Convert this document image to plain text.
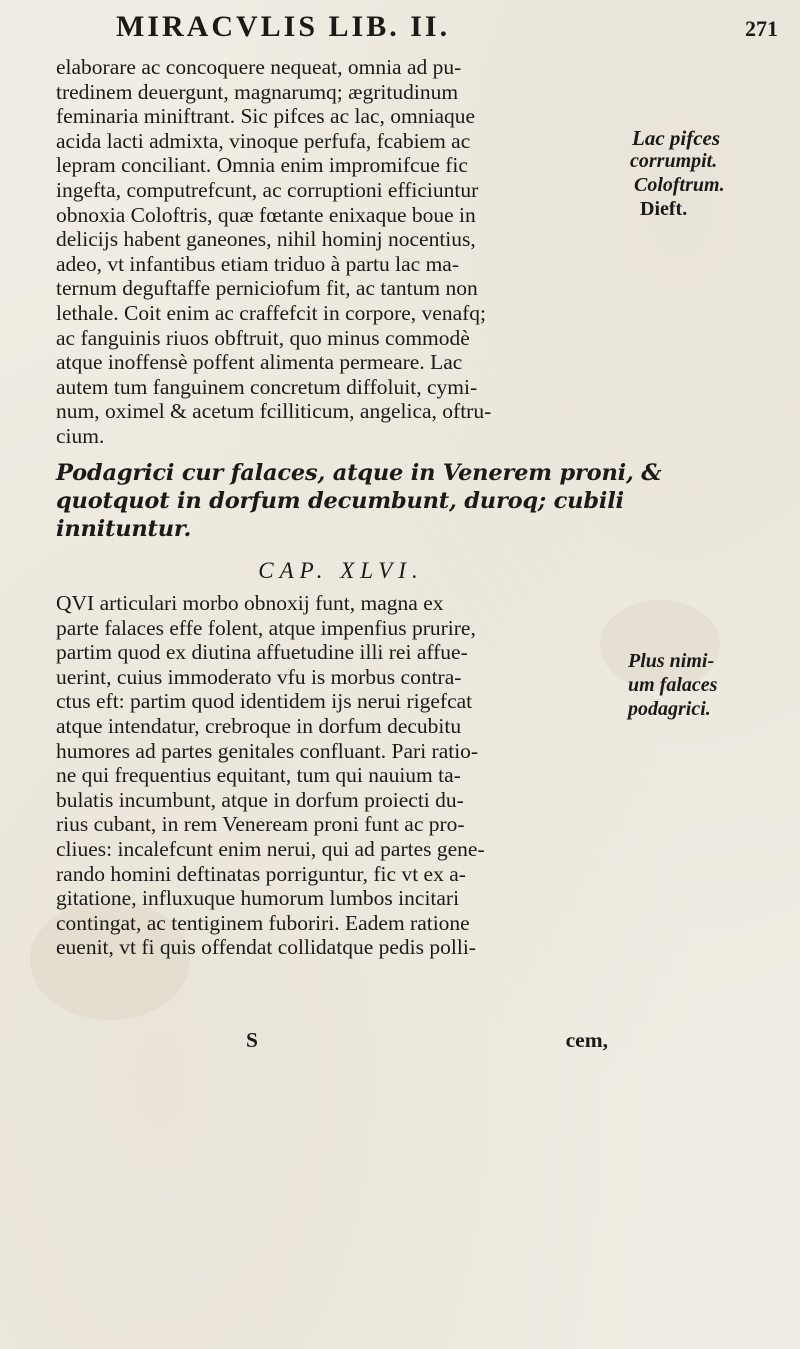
MIRACVLIS LIB. II.	271
elaborare ac concoquere nequeat, omnia ad pu-
tredinem deuergunt, magnarumq; ægritudinum
feminaria miniftrant. Sic pifces ac lac, omniaque
acida lacti admixta, vinoque perfufa, fcabiem ac
lepram conciliant. Omnia enim impromifcue fic
ingefta, computrefcunt, ac corruptioni efficiuntur
obnoxia Coloftris, quæ fœtante enixaque boue in
delicijs habent ganeones, nihil hominj nocentius,
adeo, vt infantibus etiam triduo à partu lac ma-
ternum deguftaffe perniciofum fit, ac tantum non
lethale. Coit enim ac craffefcit in corpore, venafq;
ac fanguinis riuos obftruit, quo minus commodè
atque inoffensè poffent alimenta permeare. Lac
autem tum fanguinem concretum diffoluit, cymi-
num, oximel & acetum fcilliticum, angelica, oftru-
cium.
Podagrici cur falaces, atque in Venerem proni, &
quotquot in dorfum decumbunt, duroq; cubili
innituntur.
CAP. XLVI.
QVI articulari morbo obnoxij funt, magna ex
parte falaces effe folent, atque impenfius prurire,
partim quod ex diutina affuetudine illi rei affue-
uerint, cuius immoderato vfu is morbus contra-
ctus eft: partim quod identidem ijs nerui rigefcat
atque intendatur, crebroque in dorfum decubitu
humores ad partes genitales confluant. Pari ratio-
ne qui frequentius equitant, tum qui nauium ta-
bulatis incumbunt, atque in dorfum proiecti du-
rius cubant, in rem Veneream proni funt ac pro-
cliues: incalefcunt enim nerui, qui ad partes gene-
rando homini deftinatas porriguntur, fic vt ex a-
gitatione, influxuque humorum lumbos incitari
contingat, ac tentiginem fuboriri. Eadem ratione
euenit, vt fi quis offendat collidatque pedis polli-
S	cem,
Lac pifces
corrumpit.
Coloftrum.
Dieft.
Plus nimi-
um falaces
podagrici.
